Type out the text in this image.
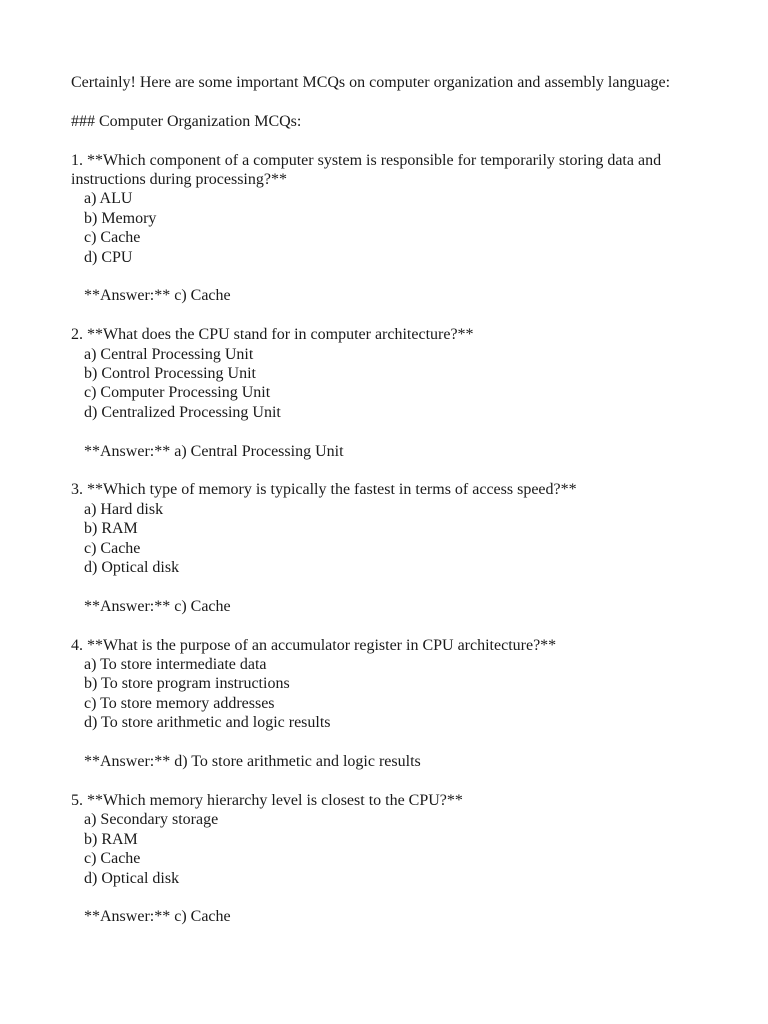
Certainly! Here are some important MCQs on computer organization and assembly language:

### Computer Organization MCQs:

1. **Which component of a computer system is responsible for temporarily storing data and instructions during processing?**

a) ALU
b) Memory
c) Cache
d) CPU

**Answer:** c) Cache

2. **What does the CPU stand for in computer architecture?**

a) Central Processing Unit
b) Control Processing Unit
c) Computer Processing Unit
d) Centralized Processing Unit

**Answer:** a) Central Processing Unit

3. **Which type of memory is typically the fastest in terms of access speed?**

a) Hard disk
b) RAM
c) Cache
d) Optical disk

**Answer:** c) Cache

4. **What is the purpose of an accumulator register in CPU architecture?**

a) To store intermediate data
b) To store program instructions
c) To store memory addresses
d) To store arithmetic and logic results

**Answer:** d) To store arithmetic and logic results

5. **Which memory hierarchy level is closest to the CPU?**

a) Secondary storage
b) RAM
c) Cache
d) Optical disk

**Answer:** c) Cache
